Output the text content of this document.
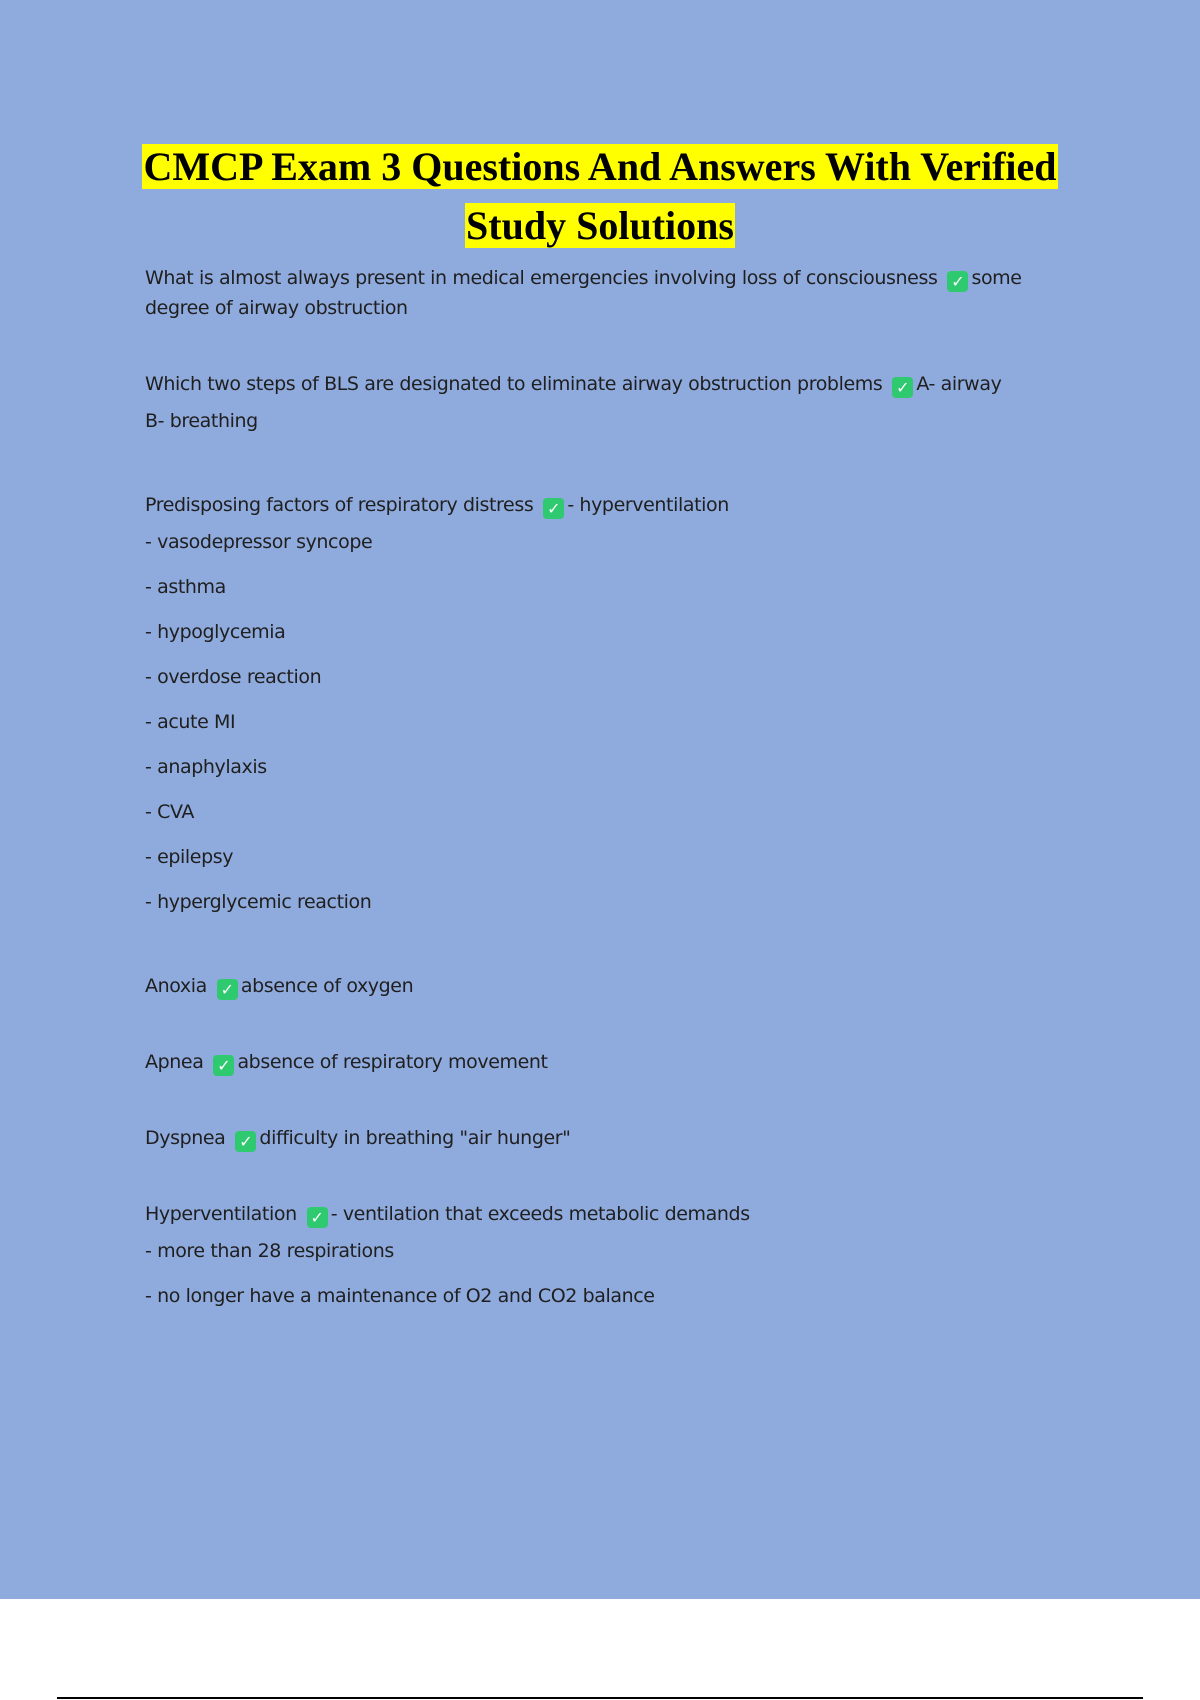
CMCP Exam 3 Questions And Answers With Verified Study Solutions

What is almost always present in medical emergencies involving loss of consciousness ✓ some degree of airway obstruction

Which two steps of BLS are designated to eliminate airway obstruction problems ✓ A- airway

B- breathing

Predisposing factors of respiratory distress ✓ - hyperventilation

- vasodepressor syncope

- asthma

- hypoglycemia

- overdose reaction

- acute MI

- anaphylaxis

- CVA

- epilepsy

- hyperglycemic reaction

Anoxia ✓ absence of oxygen

Apnea ✓ absence of respiratory movement

Dyspnea ✓ difficulty in breathing "air hunger"

Hyperventilation ✓ - ventilation that exceeds metabolic demands

- more than 28 respirations

- no longer have a maintenance of O2 and CO2 balance
